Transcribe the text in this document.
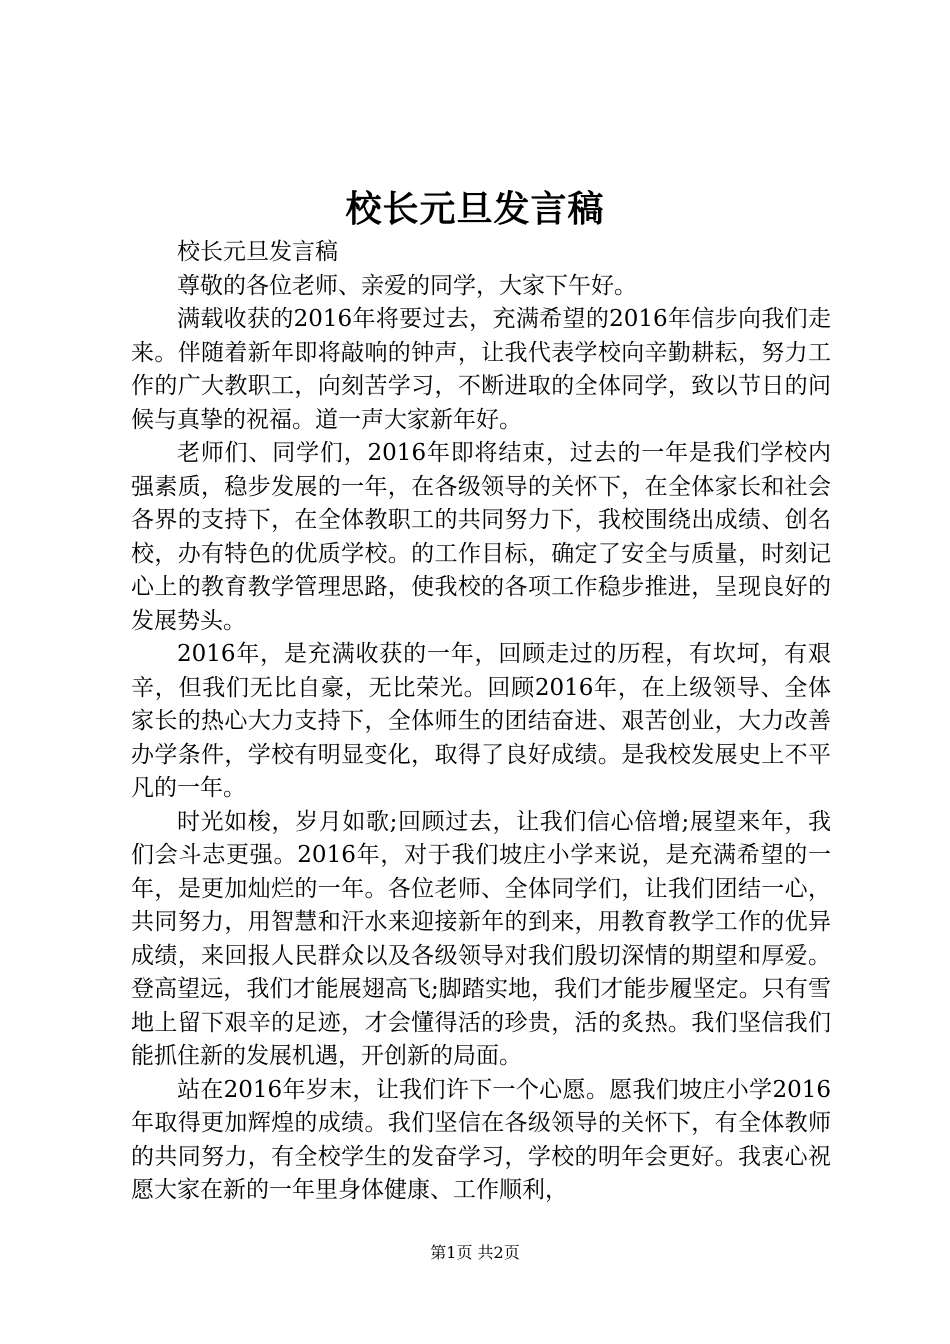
校长元旦发言稿

校长元旦发言稿

尊敬的各位老师、亲爱的同学，大家下午好。

满载收获的2016年将要过去，充满希望的2016年信步向我们走来。伴随着新年即将敲响的钟声，让我代表学校向辛勤耕耘，努力工作的广大教职工，向刻苦学习，不断进取的全体同学，致以节日的问候与真挚的祝福。道一声大家新年好。

老师们、同学们，2016年即将结束，过去的一年是我们学校内强素质，稳步发展的一年，在各级领导的关怀下，在全体家长和社会各界的支持下，在全体教职工的共同努力下，我校围绕出成绩、创名校，办有特色的优质学校。的工作目标，确定了安全与质量，时刻记心上的教育教学管理思路，使我校的各项工作稳步推进，呈现良好的发展势头。

2016年，是充满收获的一年，回顾走过的历程，有坎坷，有艰辛，但我们无比自豪，无比荣光。回顾2016年，在上级领导、全体家长的热心大力支持下，全体师生的团结奋进、艰苦创业，大力改善办学条件，学校有明显变化，取得了良好成绩。是我校发展史上不平凡的一年。

时光如梭，岁月如歌;回顾过去，让我们信心倍增;展望来年，我们会斗志更强。2016年，对于我们坡庄小学来说，是充满希望的一年，是更加灿烂的一年。各位老师、全体同学们，让我们团结一心，共同努力，用智慧和汗水来迎接新年的到来，用教育教学工作的优异成绩，来回报人民群众以及各级领导对我们殷切深情的期望和厚爱。登高望远，我们才能展翅高飞;脚踏实地，我们才能步履坚定。只有雪地上留下艰辛的足迹，才会懂得活的珍贵，活的炙热。我们坚信我们能抓住新的发展机遇，开创新的局面。

站在2016年岁末，让我们许下一个心愿。愿我们坡庄小学2016年取得更加辉煌的成绩。我们坚信在各级领导的关怀下，有全体教师的共同努力，有全校学生的发奋学习，学校的明年会更好。我衷心祝愿大家在新的一年里身体健康、工作顺利，

第1页 共2页
